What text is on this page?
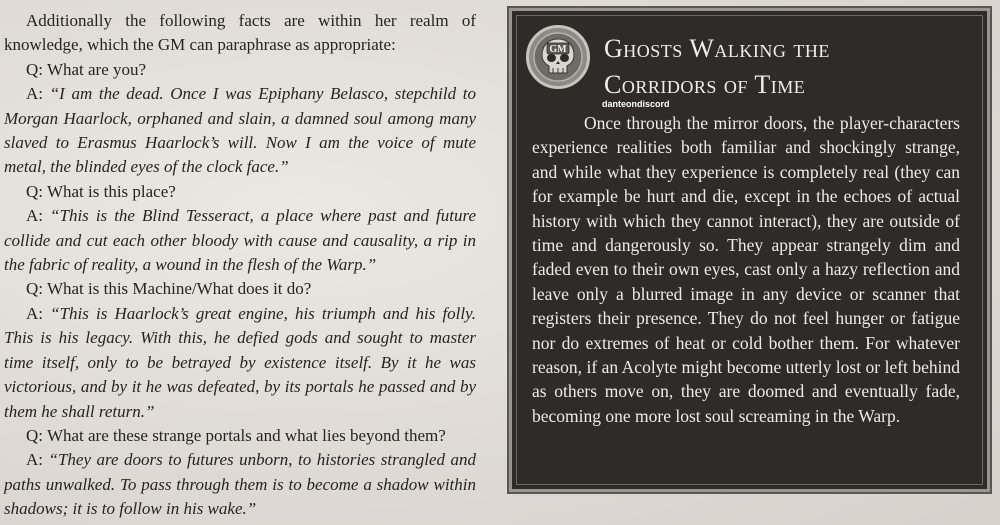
Additionally the following facts are within her realm of knowledge, which the GM can paraphrase as appropriate:

Q: What are you?

A: “I am the dead. Once I was Epiphany Belasco, stepchild to Morgan Haarlock, orphaned and slain, a damned soul among many slaved to Erasmus Haarlock’s will. Now I am the voice of mute metal, the blinded eyes of the clock face.”

Q: What is this place?

A: “This is the Blind Tesseract, a place where past and future collide and cut each other bloody with cause and causality, a rip in the fabric of reality, a wound in the flesh of the Warp.”

Q: What is this Machine/What does it do?

A: “This is Haarlock’s great engine, his triumph and his folly. This is his legacy. With this, he defied gods and sought to master time itself, only to be betrayed by existence itself. By it he was victorious, and by it he was defeated, by its portals he passed and by them he shall return.”

Q: What are these strange portals and what lies beyond them?

A: “They are doors to futures unborn, to histories strangled and paths unwalked. To pass through them is to become a shadow within shadows; it is to follow in his wake.”

GM Ghosts Walking the
Corridors of Time
danteondiscord

Once through the mirror doors, the player-characters experience realities both familiar and shockingly strange, and while what they experience is completely real (they can for example be hurt and die, except in the echoes of actual history with which they cannot interact), they are outside of time and dangerously so. They appear strangely dim and faded even to their own eyes, cast only a hazy reflection and leave only a blurred image in any device or scanner that registers their presence. They do not feel hunger or fatigue nor do extremes of heat or cold bother them. For whatever reason, if an Acolyte might become utterly lost or left behind as others move on, they are doomed and eventually fade, becoming one more lost soul screaming in the Warp.
